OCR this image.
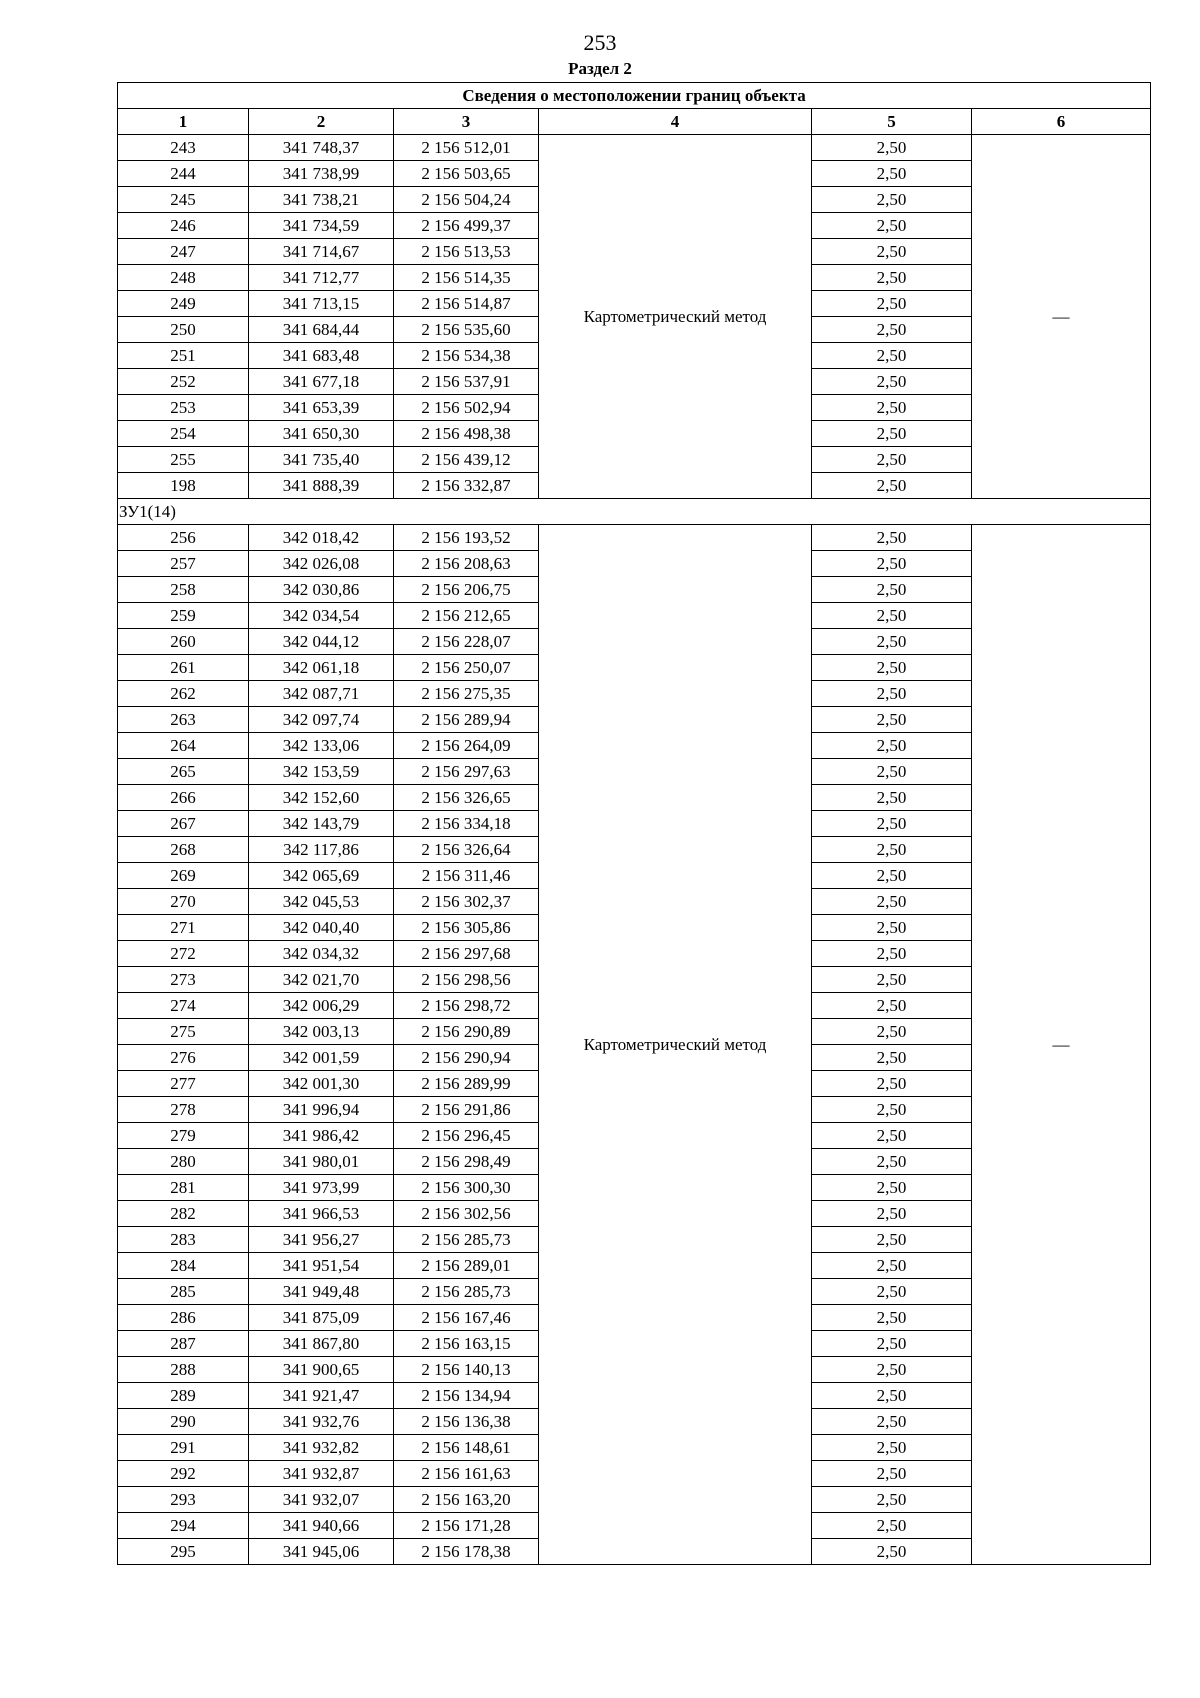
253
Раздел 2
Сведения о местоположении границ объекта					
1	2	3	4	5	6
243	341 748,37	2 156 512,01	Картометрический метод	2,50	—
244	341 738,99	2 156 503,65		2,50	
245	341 738,21	2 156 504,24		2,50	
246	341 734,59	2 156 499,37		2,50	
247	341 714,67	2 156 513,53		2,50	
248	341 712,77	2 156 514,35		2,50	
249	341 713,15	2 156 514,87		2,50	
250	341 684,44	2 156 535,60		2,50	
251	341 683,48	2 156 534,38		2,50	
252	341 677,18	2 156 537,91		2,50	
253	341 653,39	2 156 502,94		2,50	
254	341 650,30	2 156 498,38		2,50	
255	341 735,40	2 156 439,12		2,50	
198	341 888,39	2 156 332,87		2,50	
ЗУ1(14)					
256	342 018,42	2 156 193,52	Картометрический метод	2,50	—
257	342 026,08	2 156 208,63		2,50	
258	342 030,86	2 156 206,75		2,50	
259	342 034,54	2 156 212,65		2,50	
260	342 044,12	2 156 228,07		2,50	
261	342 061,18	2 156 250,07		2,50	
262	342 087,71	2 156 275,35		2,50	
263	342 097,74	2 156 289,94		2,50	
264	342 133,06	2 156 264,09		2,50	
265	342 153,59	2 156 297,63		2,50	
266	342 152,60	2 156 326,65		2,50	
267	342 143,79	2 156 334,18		2,50	
268	342 117,86	2 156 326,64		2,50	
269	342 065,69	2 156 311,46		2,50	
270	342 045,53	2 156 302,37		2,50	
271	342 040,40	2 156 305,86		2,50	
272	342 034,32	2 156 297,68		2,50	
273	342 021,70	2 156 298,56		2,50	
274	342 006,29	2 156 298,72		2,50	
275	342 003,13	2 156 290,89		2,50	
276	342 001,59	2 156 290,94		2,50	
277	342 001,30	2 156 289,99		2,50	
278	341 996,94	2 156 291,86		2,50	
279	341 986,42	2 156 296,45		2,50	
280	341 980,01	2 156 298,49		2,50	
281	341 973,99	2 156 300,30		2,50	
282	341 966,53	2 156 302,56		2,50	
283	341 956,27	2 156 285,73		2,50	
284	341 951,54	2 156 289,01		2,50	
285	341 949,48	2 156 285,73		2,50	
286	341 875,09	2 156 167,46		2,50	
287	341 867,80	2 156 163,15		2,50	
288	341 900,65	2 156 140,13		2,50	
289	341 921,47	2 156 134,94		2,50	
290	341 932,76	2 156 136,38		2,50	
291	341 932,82	2 156 148,61		2,50	
292	341 932,87	2 156 161,63		2,50	
293	341 932,07	2 156 163,20		2,50	
294	341 940,66	2 156 171,28		2,50	
295	341 945,06	2 156 178,38		2,50	
